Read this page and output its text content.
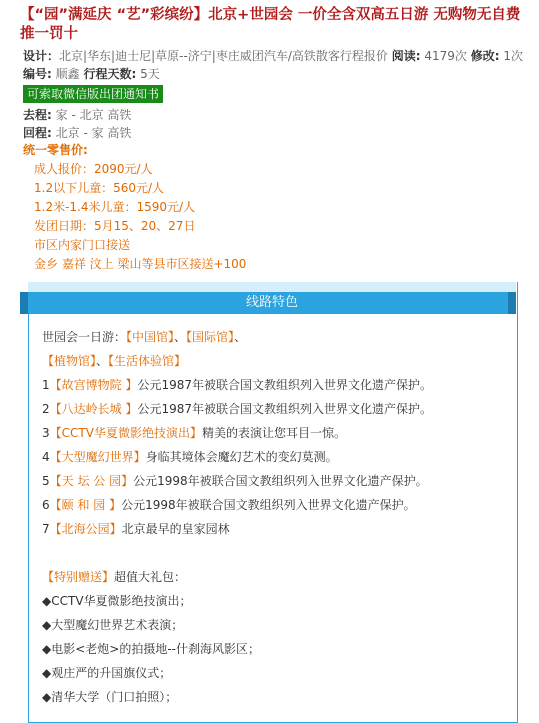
【“园”满延庆 “艺”彩缤纷】北京+世园会 一价全含双高五日游 无购物无自费推一罚十
设计：北京|华东|迪士尼|草原--济宁|枣庄威团汽车/高铁散客行程报价 阅读: 4179次 修改: 1次
编号: 顺鑫 行程天数: 5天
可索取微信版出团通知书
去程: 家 - 北京 高铁
回程: 北京 - 家 高铁
统一零售价:
成人报价：2090元/人
1.2以下儿童：560元/人
1.2米-1.4米儿童：1590元/人
发团日期：5月15、20、27日
市区内家门口接送
金乡 嘉祥 汶上 梁山等县市区接送+100
线路特色
世园会一日游：【中国馆】、【国际馆】、
【植物馆】、【生活体验馆】
1【故宫博物院 】公元1987年被联合国文教组织列入世界文化遗产保护。
2【八达岭长城 】公元1987年被联合国文教组织列入世界文化遗产保护。
3【CCTV华夏微影绝技演出】精美的表演让您耳目一惊。
4【大型魔幻世界】身临其境体会魔幻艺术的变幻莫测。
5【天 坛 公 园】公元1998年被联合国文教组织列入世界文化遗产保护。
6【颐 和 园 】公元1998年被联合国文教组织列入世界文化遗产保护。
7【北海公园】北京最早的皇家园林
【特别赠送】超值大礼包：
◆CCTV华夏微影绝技演出；
◆大型魔幻世界艺术表演；
◆电影<老炮>的拍摄地--什刹海风影区；
◆观庄严的升国旗仪式；
◆清华大学（门口拍照）；
